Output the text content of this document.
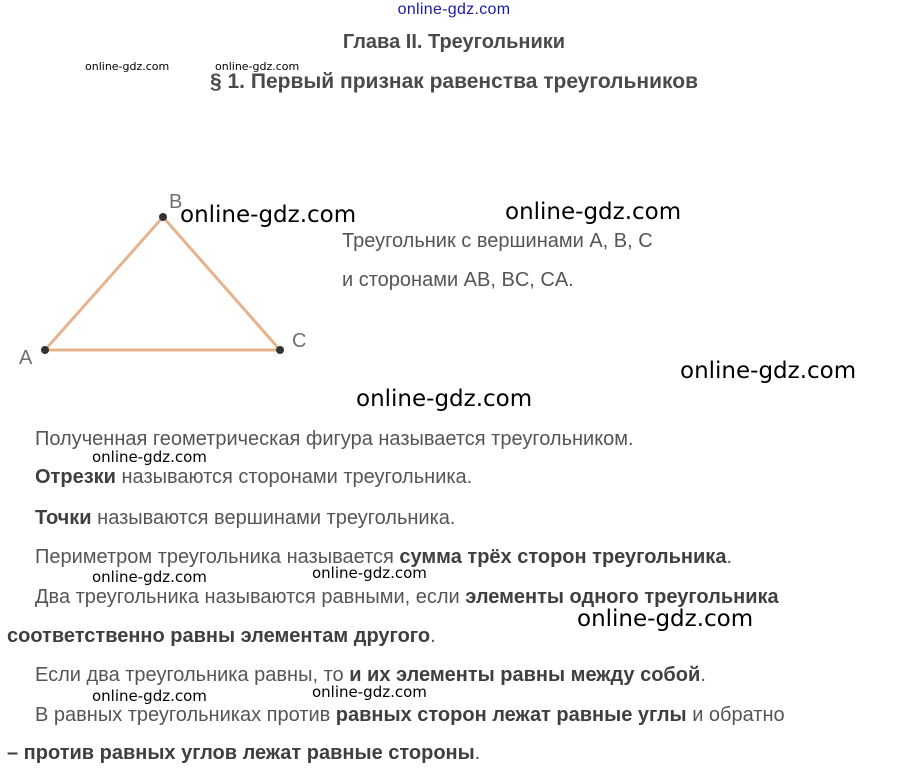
online-gdz.com
Глава II. Треугольники
§ 1. Первый признак равенства треугольников
online-gdz.com	online-gdz.com
A
B
C
online-gdz.com	online-gdz.com
Треугольник с вершинами A, B, C
и сторонами AB, BC, CA.
online-gdz.com
online-gdz.com
Полученная геометрическая фигура называется треугольником.
online-gdz.com
Отрезки называются сторонами треугольника.
Точки называются вершинами треугольника.
Периметром треугольника называется сумма трёх сторон треугольника.
online-gdz.com	online-gdz.com
Два треугольника называются равными, если элементы одного треугольника
соответственно равны элементам другого.
online-gdz.com
Если два треугольника равны, то и их элементы равны между собой.
online-gdz.com	online-gdz.com
В равных треугольниках против равных сторон лежат равные углы и обратно
– против равных углов лежат равные стороны.
